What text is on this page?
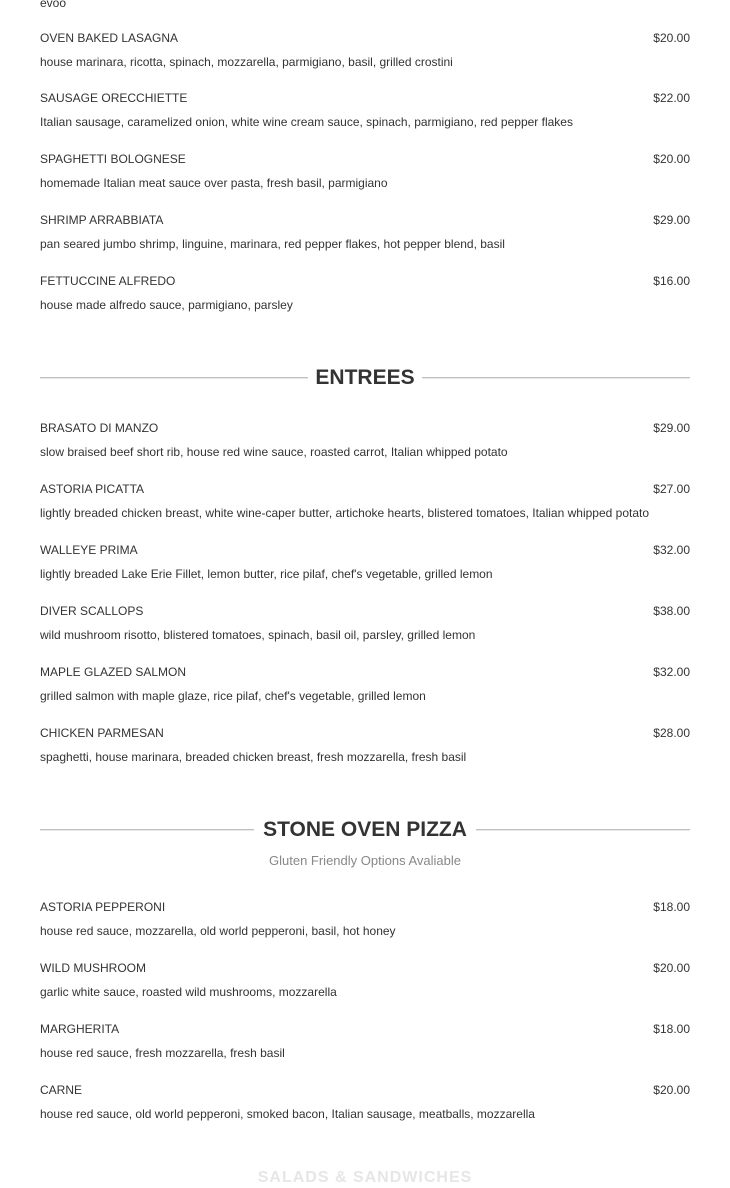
evoo
OVEN BAKED LASAGNA	$20.00
house marinara, ricotta, spinach, mozzarella, parmigiano, basil, grilled crostini
SAUSAGE ORECCHIETTE	$22.00
Italian sausage, caramelized onion, white wine cream sauce, spinach, parmigiano, red pepper flakes
SPAGHETTI BOLOGNESE	$20.00
homemade Italian meat sauce over pasta, fresh basil, parmigiano
SHRIMP ARRABBIATA	$29.00
pan seared jumbo shrimp, linguine, marinara, red pepper flakes, hot pepper blend, basil
FETTUCCINE ALFREDO	$16.00
house made alfredo sauce, parmigiano, parsley
ENTREES
BRASATO DI MANZO	$29.00
slow braised beef short rib, house red wine sauce, roasted carrot, Italian whipped potato
ASTORIA PICATTA	$27.00
lightly breaded chicken breast, white wine-caper butter, artichoke hearts, blistered tomatoes, Italian whipped potato
WALLEYE PRIMA	$32.00
lightly breaded Lake Erie Fillet, lemon butter, rice pilaf, chef's vegetable, grilled lemon
DIVER SCALLOPS	$38.00
wild mushroom risotto, blistered tomatoes, spinach, basil oil, parsley, grilled lemon
MAPLE GLAZED SALMON	$32.00
grilled salmon with maple glaze, rice pilaf, chef's vegetable, grilled lemon
CHICKEN PARMESAN	$28.00
spaghetti, house marinara, breaded chicken breast, fresh mozzarella, fresh basil
STONE OVEN PIZZA
Gluten Friendly Options Avaliable
ASTORIA PEPPERONI	$18.00
house red sauce, mozzarella, old world pepperoni, basil, hot honey
WILD MUSHROOM	$20.00
garlic white sauce, roasted wild mushrooms, mozzarella
MARGHERITA	$18.00
house red sauce, fresh mozzarella, fresh basil
CARNE	$20.00
house red sauce, old world pepperoni, smoked bacon, Italian sausage, meatballs, mozzarella
SALADS & SANDWICHES
